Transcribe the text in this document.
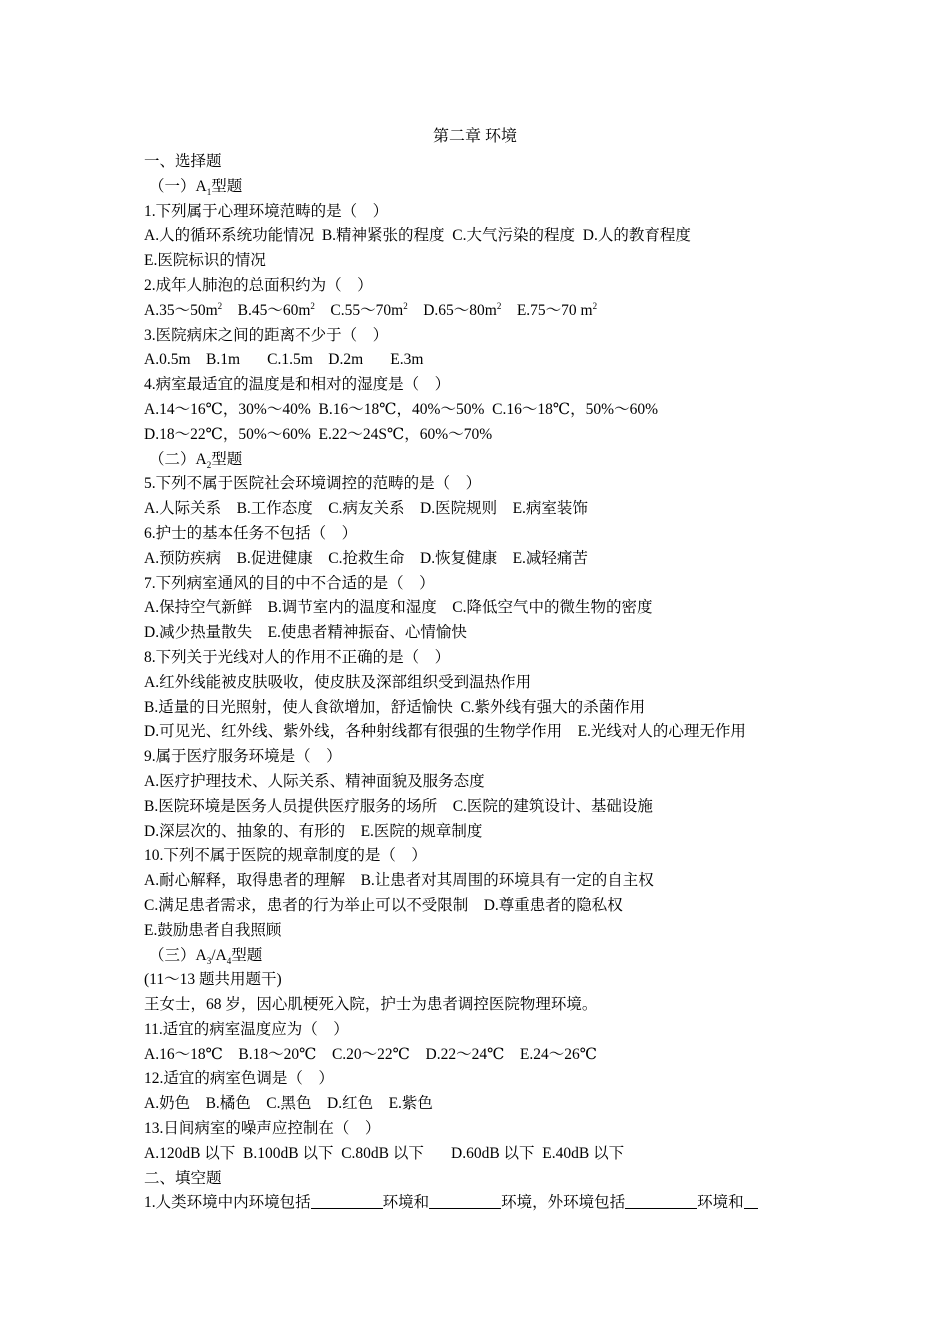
第二章 环境
一、选择题
（一）$A_1$型题
1.下列属于心理环境范畴的是（    ）
A.人的循环系统功能情况  B.精神紧张的程度  C.大气污染的程度  D.人的教育程度
E.医院标识的情况
2.成年人肺泡的总面积约为（    ）
$A.35\sim 50m^2$ $B.45\sim 60m^2$ $C.55\sim 70m^2$ $D.65\sim 80m^2$ E.75～70 $m^2$
3.医院病床之间的距离不少于（    ）
A.0.5m    B.1m       C.1.5m    D.2m       E.3m
4.病室最适宜的温度是和相对的湿度是（    ）
A.14～16℃，30%～40%  B.16～18℃，40%～50%  C.16～18℃，50%～60%
D.18～22℃，50%～60%  E.22～24S℃，60%～70%
（二）$A_2$型题
5.下列不属于医院社会环境调控的范畴的是（    ）
A.人际关系    B.工作态度    C.病友关系    D.医院规则    E.病室装饰
6.护士的基本任务不包括（    ）
A.预防疾病    B.促进健康    C.抢救生命    D.恢复健康    E.减轻痛苦
7.下列病室通风的目的中不合适的是（    ）
A.保持空气新鲜    B.调节室内的温度和湿度    C.降低空气中的微生物的密度
D.减少热量散失    E.使患者精神振奋、心情愉快
8.下列关于光线对人的作用不正确的是（    ）
A.红外线能被皮肤吸收，使皮肤及深部组织受到温热作用
B.适量的日光照射，使人食欲增加，舒适愉快  C.紫外线有强大的杀菌作用
D.可见光、红外线、紫外线，各种射线都有很强的生物学作用    E.光线对人的心理无作用
9.属于医疗服务环境是（    ）
A.医疗护理技术、人际关系、精神面貌及服务态度
B.医院环境是医务人员提供医疗服务的场所    C.医院的建筑设计、基础设施
D.深层次的、抽象的、有形的    E.医院的规章制度
10.下列不属于医院的规章制度的是（    ）
A.耐心解释，取得患者的理解    B.让患者对其周围的环境具有一定的自主权
C.满足患者需求，患者的行为举止可以不受限制    D.尊重患者的隐私权
E.鼓励患者自我照顾
（三）$A_3/A_4$型题
(11～13 题共用题干)
王女士，68 岁，因心肌梗死入院，护士为患者调控医院物理环境。
11.适宜的病室温度应为（    ）
A.16～18℃    B.18～20℃    C.20～22℃    D.22～24℃    E.24～26℃
12.适宜的病室色调是（    ）
A.奶色    B.橘色    C.黑色    D.红色    E.紫色
13.日间病室的噪声应控制在（    ）
A.120dB 以下  B.100dB 以下  C.80dB 以下       D.60dB 以下  E.40dB 以下
二、填空题
1.人类环境中内环境包括	环境和	环境，外环境包括	环境和
